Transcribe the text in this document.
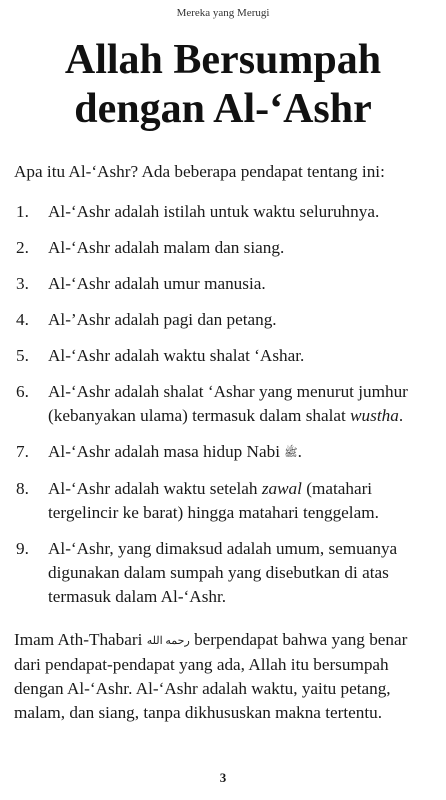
Mereka yang Merugi
Allah Bersumpah
dengan Al-‘Ashr

Apa itu Al-‘Ashr? Ada beberapa pendapat tentang ini:

1. Al-‘Ashr adalah istilah untuk waktu seluruhnya.
2. Al-‘Ashr adalah malam dan siang.
3. Al-‘Ashr adalah umur manusia.
4. Al-’Ashr adalah pagi dan petang.
5. Al-‘Ashr adalah waktu shalat ‘Ashar.
6. Al-‘Ashr adalah shalat ‘Ashar yang menurut jumhur (kebanyakan ulama) termasuk dalam shalat wustha.
7. Al-‘Ashr adalah masa hidup Nabi ﷺ.
8. Al-‘Ashr adalah waktu setelah zawal (matahari tergelincir ke barat) hingga matahari tenggelam.
9. Al-‘Ashr, yang dimaksud adalah umum, semuanya digunakan dalam sumpah yang disebutkan di atas termasuk dalam Al-‘Ashr.

Imam Ath-Thabari رحمه الله berpendapat bahwa yang benar dari pendapat-pendapat yang ada, Allah itu bersumpah dengan Al-‘Ashr. Al-‘Ashr adalah waktu, yaitu petang, malam, dan siang, tanpa dikhususkan makna tertentu.

3
